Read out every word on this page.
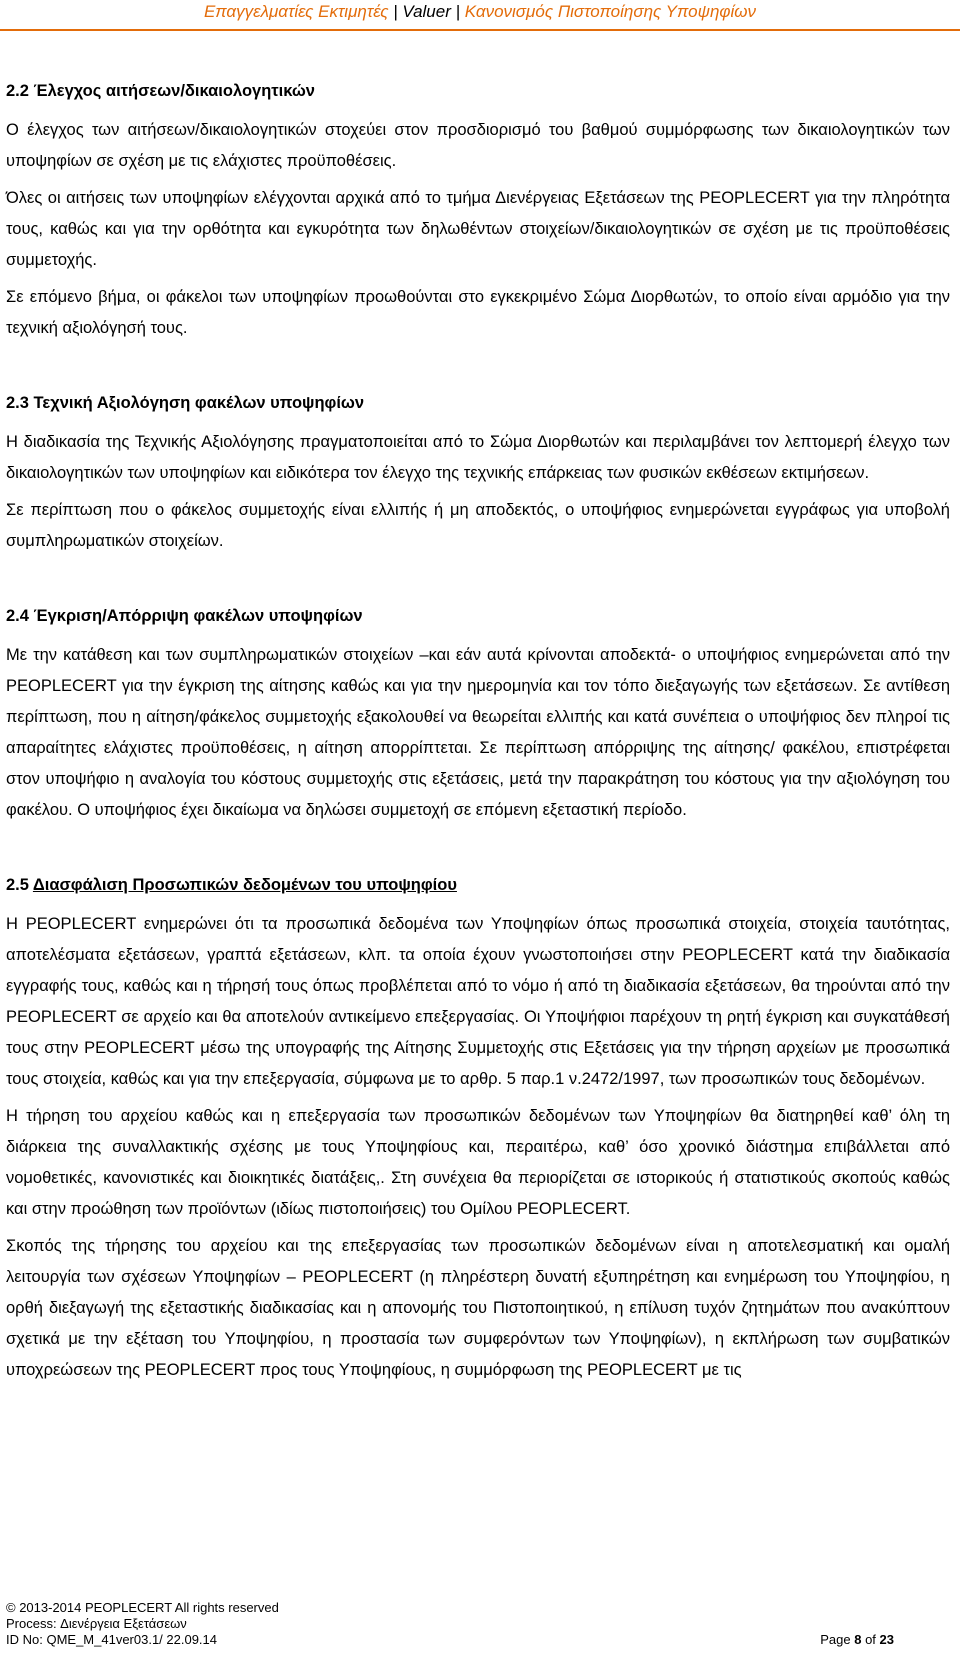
Επαγγελματίες Εκτιμητές | Valuer | Κανονισμός Πιστοποίησης Υποψηφίων
2.2 Έλεγχος αιτήσεων/δικαιολογητικών

Ο έλεγχος των αιτήσεων/δικαιολογητικών στοχεύει στον προσδιορισμό του βαθμού συμμόρφωσης των δικαιολογητικών των υποψηφίων σε σχέση με τις ελάχιστες προϋποθέσεις.

Όλες οι αιτήσεις των υποψηφίων ελέγχονται αρχικά από το τμήμα Διενέργειας Εξετάσεων της PEOPLECERT για την πληρότητα τους, καθώς και για την ορθότητα και εγκυρότητα των δηλωθέντων στοιχείων/δικαιολογητικών σε σχέση με τις προϋποθέσεις συμμετοχής.

Σε επόμενο βήμα, οι φάκελοι των υποψηφίων προωθούνται στο εγκεκριμένο Σώμα Διορθωτών, το οποίο είναι αρμόδιο για την τεχνική αξιολόγησή τους.

2.3 Τεχνική Αξιολόγηση φακέλων υποψηφίων

Η διαδικασία της Τεχνικής Αξιολόγησης πραγματοποιείται από το Σώμα Διορθωτών και περιλαμβάνει τον λεπτομερή έλεγχο των δικαιολογητικών των υποψηφίων και ειδικότερα τον έλεγχο της τεχνικής επάρκειας των φυσικών εκθέσεων εκτιμήσεων.

Σε περίπτωση που ο φάκελος συμμετοχής είναι ελλιπής ή μη αποδεκτός, ο υποψήφιος ενημερώνεται εγγράφως για υποβολή συμπληρωματικών στοιχείων.

2.4 Έγκριση/Απόρριψη φακέλων υποψηφίων

Με την κατάθεση και των συμπληρωματικών στοιχείων –και εάν αυτά κρίνονται αποδεκτά- ο υποψήφιος ενημερώνεται από την PEOPLECERT για την έγκριση της αίτησης καθώς και για την ημερομηνία και τον τόπο διεξαγωγής των εξετάσεων. Σε αντίθεση περίπτωση, που η αίτηση/φάκελος συμμετοχής εξακολουθεί να θεωρείται ελλιπής και κατά συνέπεια ο υποψήφιος δεν πληροί τις απαραίτητες ελάχιστες προϋποθέσεις, η αίτηση απορρίπτεται. Σε περίπτωση απόρριψης της αίτησης/ φακέλου, επιστρέφεται στον υποψήφιο η αναλογία του κόστους συμμετοχής στις εξετάσεις, μετά την παρακράτηση του κόστους για την αξιολόγηση του φακέλου. Ο υποψήφιος έχει δικαίωμα να δηλώσει συμμετοχή σε επόμενη εξεταστική περίοδο.

2.5 Διασφάλιση Προσωπικών δεδομένων του υποψηφίου

Η PEOPLECERT ενημερώνει ότι τα προσωπικά δεδομένα των Υποψηφίων όπως προσωπικά στοιχεία, στοιχεία ταυτότητας, αποτελέσματα εξετάσεων, γραπτά εξετάσεων, κλπ. τα οποία έχουν γνωστοποιήσει στην PEOPLECERT κατά την διαδικασία εγγραφής τους, καθώς και η τήρησή τους όπως προβλέπεται από το νόμο ή από τη διαδικασία εξετάσεων, θα τηρούνται από την PEOPLECERT σε αρχείο και θα αποτελούν αντικείμενο επεξεργασίας. Οι Υποψήφιοι παρέχουν τη ρητή έγκριση και συγκατάθεσή τους στην PEOPLECERT μέσω της υπογραφής της Αίτησης Συμμετοχής στις Εξετάσεις για την τήρηση αρχείων με προσωπικά τους στοιχεία, καθώς και για την επεξεργασία, σύμφωνα με το αρθρ. 5 παρ.1 ν.2472/1997, των προσωπικών τους δεδομένων.

Η τήρηση του αρχείου καθώς και η επεξεργασία των προσωπικών δεδομένων των Υποψηφίων θα διατηρηθεί καθ’ όλη τη διάρκεια της συναλλακτικής σχέσης με τους Υποψηφίους και, περαιτέρω, καθ’ όσο χρονικό διάστημα επιβάλλεται από νομοθετικές, κανονιστικές και διοικητικές διατάξεις,. Στη συνέχεια θα περιορίζεται σε ιστορικούς ή στατιστικούς σκοπούς καθώς και στην προώθηση των προϊόντων (ιδίως πιστοποιήσεις) του Ομίλου PEOPLECERT.

Σκοπός της τήρησης του αρχείου και της επεξεργασίας των προσωπικών δεδομένων είναι η αποτελεσματική και ομαλή λειτουργία των σχέσεων Υποψηφίων – PEOPLECERT (η πληρέστερη δυνατή εξυπηρέτηση και ενημέρωση του Υποψηφίου, η ορθή διεξαγωγή της εξεταστικής διαδικασίας και η απονομής του Πιστοποιητικού, η επίλυση τυχόν ζητημάτων που ανακύπτουν σχετικά με την εξέταση του Υποψηφίου, η προστασία των συμφερόντων των Υποψηφίων), η εκπλήρωση των συμβατικών υποχρεώσεων της PEOPLECERT προς τους Υποψηφίους, η συμμόρφωση της PEOPLECERT με τις

© 2013-2014 PEOPLECERT All rights reserved
Process: Διενέργεια Εξετάσεων
ID No: QME_M_41ver03.1/ 22.09.14	Page 8 of 23
